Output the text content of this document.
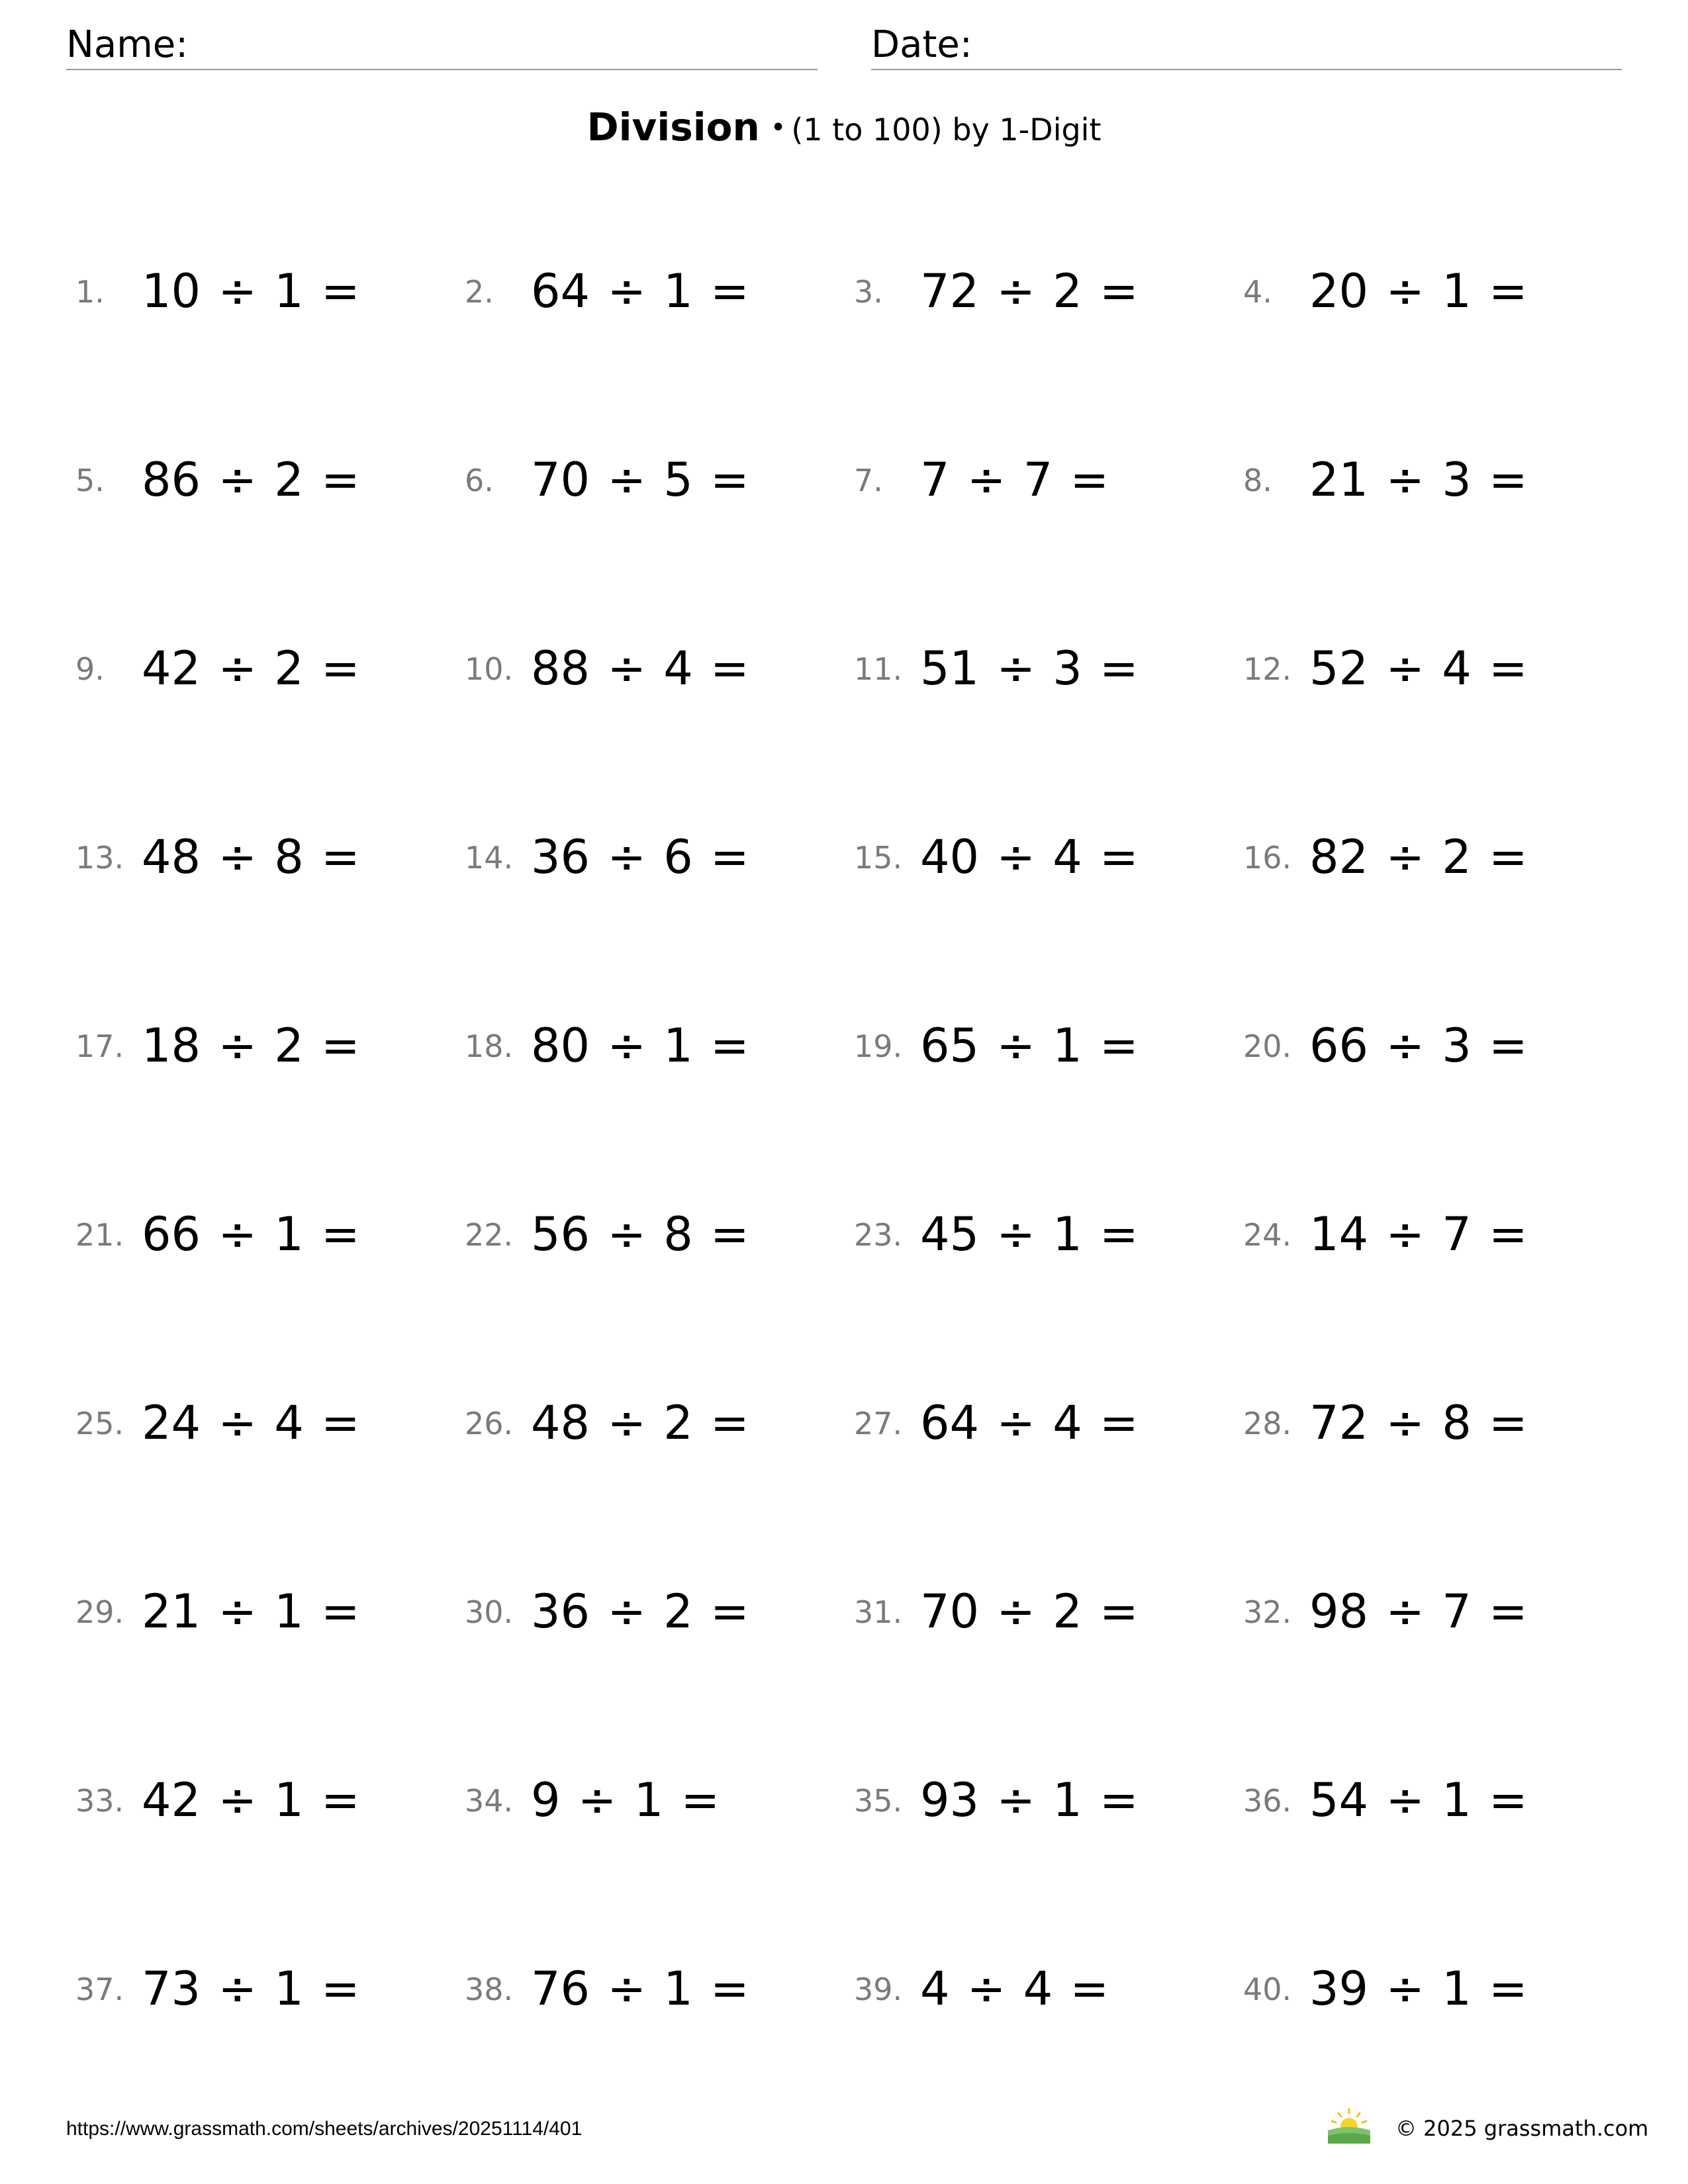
Name:	Date:
Division • (1 to 100) by 1-Digit
1. 10 ÷ 1 =	2. 64 ÷ 1 =	3. 72 ÷ 2 =	4. 20 ÷ 1 =
5. 86 ÷ 2 =	6. 70 ÷ 5 =	7. 7 ÷ 7 =	8. 21 ÷ 3 =
9. 42 ÷ 2 =	10. 88 ÷ 4 =	11. 51 ÷ 3 =	12. 52 ÷ 4 =
13. 48 ÷ 8 =	14. 36 ÷ 6 =	15. 40 ÷ 4 =	16. 82 ÷ 2 =
17. 18 ÷ 2 =	18. 80 ÷ 1 =	19. 65 ÷ 1 =	20. 66 ÷ 3 =
21. 66 ÷ 1 =	22. 56 ÷ 8 =	23. 45 ÷ 1 =	24. 14 ÷ 7 =
25. 24 ÷ 4 =	26. 48 ÷ 2 =	27. 64 ÷ 4 =	28. 72 ÷ 8 =
29. 21 ÷ 1 =	30. 36 ÷ 2 =	31. 70 ÷ 2 =	32. 98 ÷ 7 =
33. 42 ÷ 1 =	34. 9 ÷ 1 =	35. 93 ÷ 1 =	36. 54 ÷ 1 =
37. 73 ÷ 1 =	38. 76 ÷ 1 =	39. 4 ÷ 4 =	40. 39 ÷ 1 =
https://www.grassmath.com/sheets/archives/20251114/401	© 2025 grassmath.com
